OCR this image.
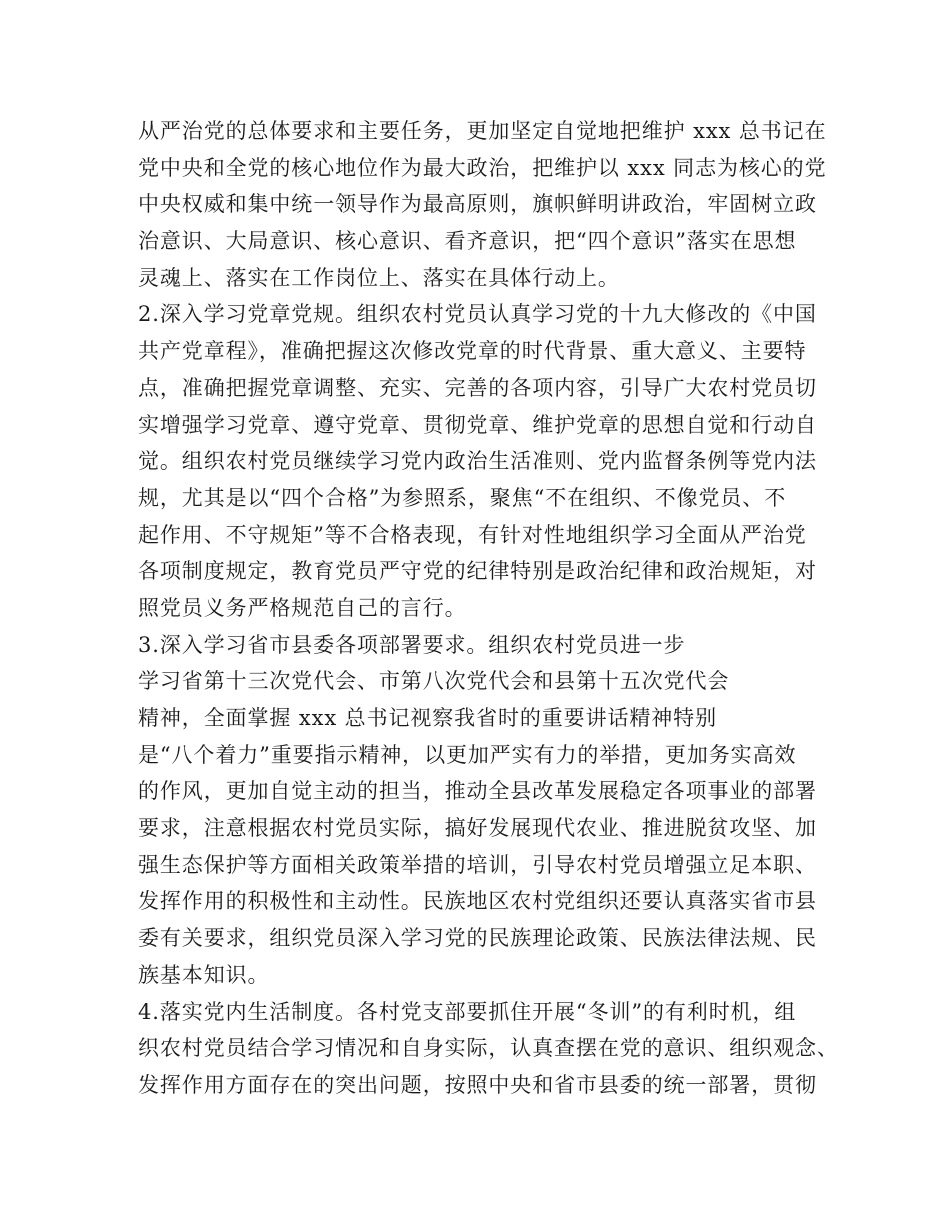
从严治党的总体要求和主要任务，更加坚定自觉地把维护 xxx 总书记在
党中央和全党的核心地位作为最大政治，把维护以 xxx 同志为核心的党
中央权威和集中统一领导作为最高原则，旗帜鲜明讲政治，牢固树立政
治意识、大局意识、核心意识、看齐意识，把“四个意识”落实在思想
灵魂上、落实在工作岗位上、落实在具体行动上。
2.深入学习党章党规。组织农村党员认真学习党的十九大修改的《中国
共产党章程》，准确把握这次修改党章的时代背景、重大意义、主要特
点，准确把握党章调整、充实、完善的各项内容，引导广大农村党员切
实增强学习党章、遵守党章、贯彻党章、维护党章的思想自觉和行动自
觉。组织农村党员继续学习党内政治生活准则、党内监督条例等党内法
规，尤其是以“四个合格”为参照系，聚焦“不在组织、不像党员、不
起作用、不守规矩”等不合格表现，有针对性地组织学习全面从严治党
各项制度规定，教育党员严守党的纪律特别是政治纪律和政治规矩，对
照党员义务严格规范自己的言行。
3.深入学习省市县委各项部署要求。组织农村党员进一步
学习省第十三次党代会、市第八次党代会和县第十五次党代会
精神，全面掌握 xxx 总书记视察我省时的重要讲话精神特别
是“八个着力”重要指示精神，以更加严实有力的举措，更加务实高效
的作风，更加自觉主动的担当，推动全县改革发展稳定各项事业的部署
要求，注意根据农村党员实际，搞好发展现代农业、推进脱贫攻坚、加
强生态保护等方面相关政策举措的培训，引导农村党员增强立足本职、
发挥作用的积极性和主动性。民族地区农村党组织还要认真落实省市县
委有关要求，组织党员深入学习党的民族理论政策、民族法律法规、民
族基本知识。
4.落实党内生活制度。各村党支部要抓住开展“冬训”的有利时机，组
织农村党员结合学习情况和自身实际，认真查摆在党的意识、组织观念、
发挥作用方面存在的突出问题，按照中央和省市县委的统一部署，贯彻
